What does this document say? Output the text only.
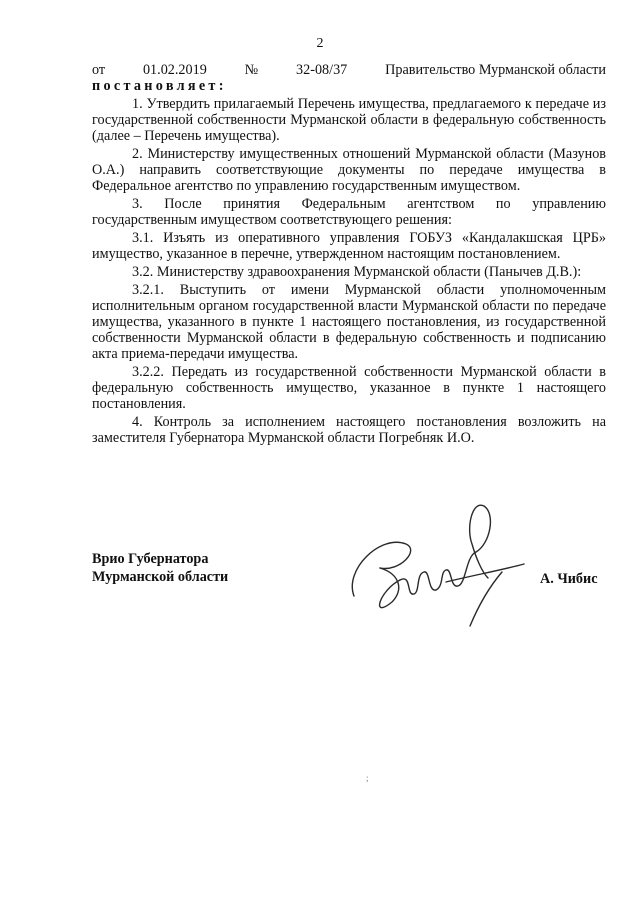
2
от	01.02.2019	№	32-08/37	Правительство Мурманской области
постановляет:

1. Утвердить прилагаемый Перечень имущества, предлагаемого к передаче из государственной собственности Мурманской области в федеральную собственность (далее – Перечень имущества).

2. Министерству имущественных отношений Мурманской области (Мазунов О.А.) направить соответствующие документы по передаче имущества в Федеральное агентство по управлению государственным имуществом.

3. После принятия Федеральным агентством по управлению государственным имуществом соответствующего решения:

3.1. Изъять из оперативного управления ГОБУЗ «Кандалакшская ЦРБ» имущество, указанное в перечне, утвержденном настоящим постановлением.

3.2. Министерству здравоохранения Мурманской области (Панычев Д.В.):

3.2.1. Выступить от имени Мурманской области уполномоченным исполнительным органом государственной власти Мурманской области по передаче имущества, указанного в пункте 1 настоящего постановления, из государственной собственности Мурманской области в федеральную собственность и подписанию акта приема-передачи имущества.

3.2.2. Передать из государственной собственности Мурманской области в федеральную собственность имущество, указанное в пункте 1 настоящего постановления.

4. Контроль за исполнением настоящего постановления возложить на заместителя Губернатора Мурманской области Погребняк И.О.

Врио Губернатора
Мурманской области	А. Чибис
;
